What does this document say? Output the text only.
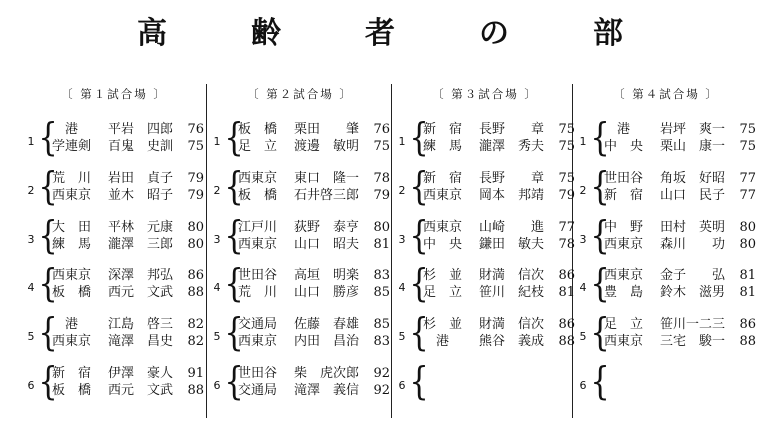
高　齢　者　の　部
〔 第１試合場 〕
1 {
　港 平岩　四郎 76
学連剣 百鬼　史訓 75
2 {
荒　川 岩田　貞子 79
西東京 並木　昭子 79
3 {
大　田 平林　元康 80
練　馬 瀧澤　三郎 80
4 {
西東京 深澤　邦弘 86
板　橋 西元　文武 88
5 {
　港 江島　啓三 82
西東京 滝澤　昌史 82
6 {
新　宿 伊澤　豪人 91
板　橋 西元　文武 88
〔 第２試合場 〕
1 {
板　橋 栗田　　肇 76
足　立 渡邊　敏明 75
2 {
西東京 東口　隆一 78
板　橋 石井啓三郎 79
3 {
江戸川 荻野　泰亨 80
西東京 山口　昭夫 81
4 {
世田谷 高垣　明楽 83
荒　川 山口　勝彦 85
5 {
交通局 佐藤　春雄 85
西東京 内田　昌治 83
6 {
世田谷 柴　虎次郎 92
交通局 滝澤　義信 92
〔 第３試合場 〕
1 {
新　宿 長野　　章 75
練　馬 瀧澤　秀夫 75
2 {
新　宿 長野　　章 75
西東京 岡本　邦靖 79
3 {
西東京 山崎　　進 77
中　央 鎌田　敏夫 78
4 {
杉　並 財満　信次 86
足　立 笹川　紀枝 81
5 {
杉　並 財満　信次 86
　港 熊谷　義成 88
6 {
〔 第４試合場 〕
1 {
　港 岩坪　爽一 75
中　央 栗山　康一 75
2 {
世田谷 角坂　好昭 77
新　宿 山口　民子 77
3 {
中　野 田村　英明 80
西東京 森川　　功 80
4 {
西東京 金子　　弘 81
豊　島 鈴木　滋男 81
5 {
足　立 笹川一二三 86
西東京 三宅　駿一 88
6 {
